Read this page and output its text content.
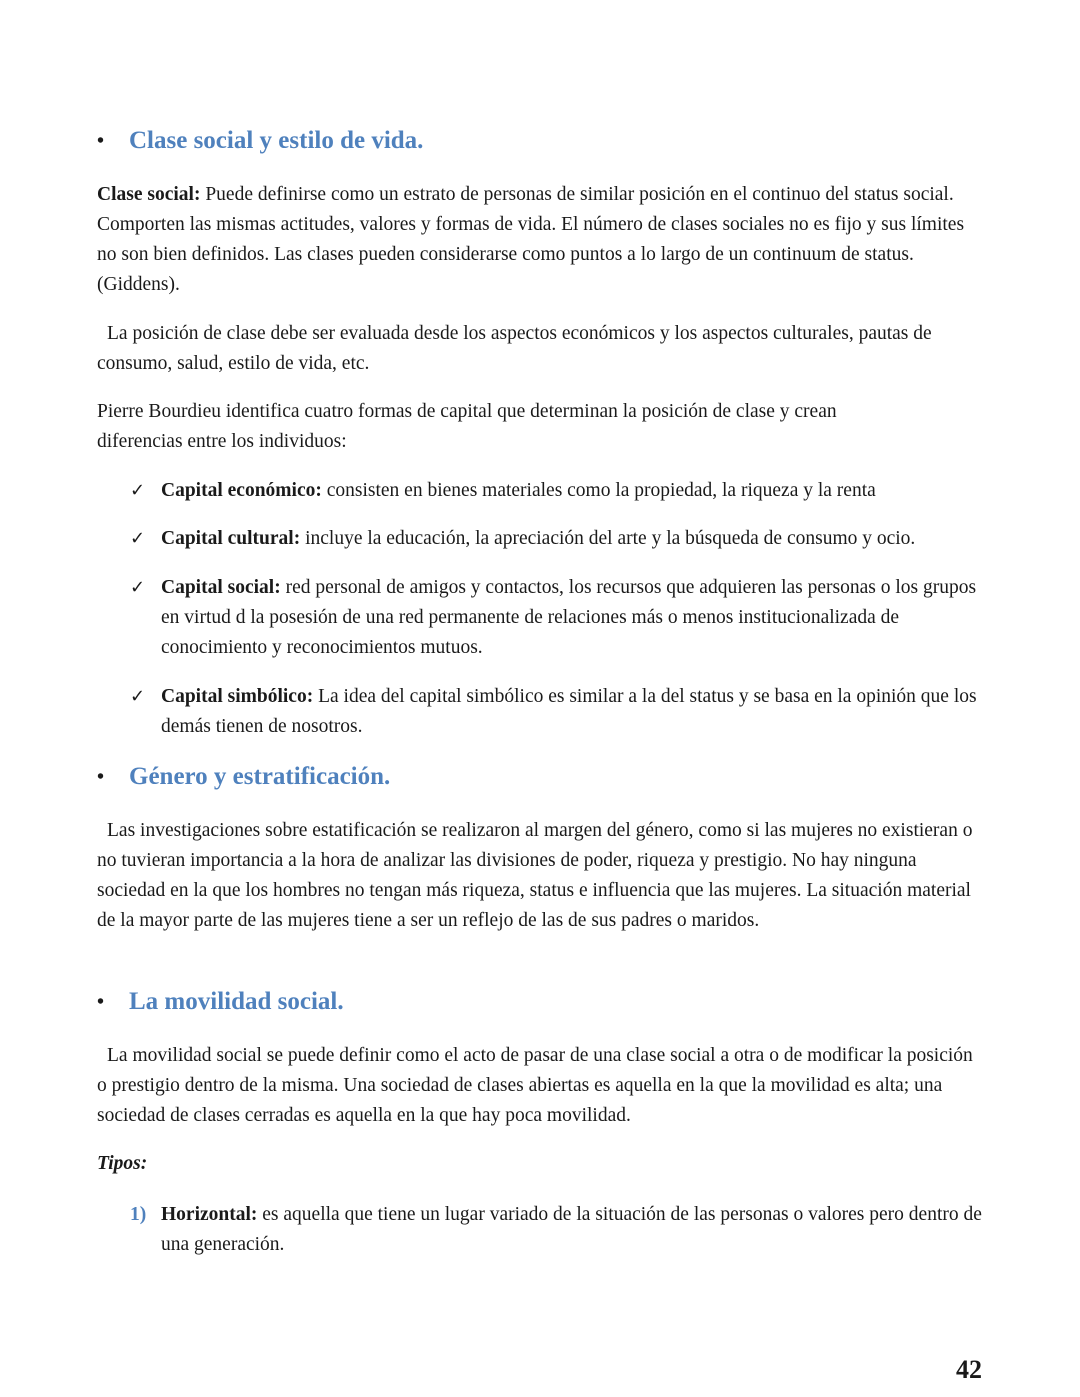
• Clase social y estilo de vida.

Clase social: Puede definirse como un estrato de personas de similar posición en el continuo del status social. Comporten las mismas actitudes, valores y formas de vida. El número de clases sociales no es fijo y sus límites no son bien definidos. Las clases pueden considerarse como puntos a lo largo de un continuum de status. (Giddens).

La posición de clase debe ser evaluada desde los aspectos económicos y los aspectos culturales, pautas de consumo, salud, estilo de vida, etc.

Pierre Bourdieu identifica cuatro formas de capital que determinan la posición de clase y crean diferencias entre los individuos:

✓ Capital económico: consisten en bienes materiales como la propiedad, la riqueza y la renta
✓ Capital cultural: incluye la educación, la apreciación del arte y la búsqueda de consumo y ocio.
✓ Capital social: red personal de amigos y contactos, los recursos que adquieren las personas o los grupos en virtud d la posesión de una red permanente de relaciones más o menos institucionalizada de conocimiento y reconocimientos mutuos.
✓ Capital simbólico: La idea del capital simbólico es similar a la del status y se basa en la opinión que los demás tienen de nosotros.
• Género y estratificación.

Las investigaciones sobre estatificación se realizaron al margen del género, como si las mujeres no existieran o no tuvieran importancia a la hora de analizar las divisiones de poder, riqueza y prestigio. No hay ninguna sociedad en la que los hombres no tengan más riqueza, status e influencia que las mujeres. La situación material de la mayor parte de las mujeres tiene a ser un reflejo de las de sus padres o maridos.

• La movilidad social.

La movilidad social se puede definir como el acto de pasar de una clase social a otra o de modificar la posición o prestigio dentro de la misma. Una sociedad de clases abiertas es aquella en la que la movilidad es alta; una sociedad de clases cerradas es aquella en la que hay poca movilidad.

Tipos:
1) Horizontal: es aquella que tiene un lugar variado de la situación de las personas o valores pero dentro de una generación.
42
